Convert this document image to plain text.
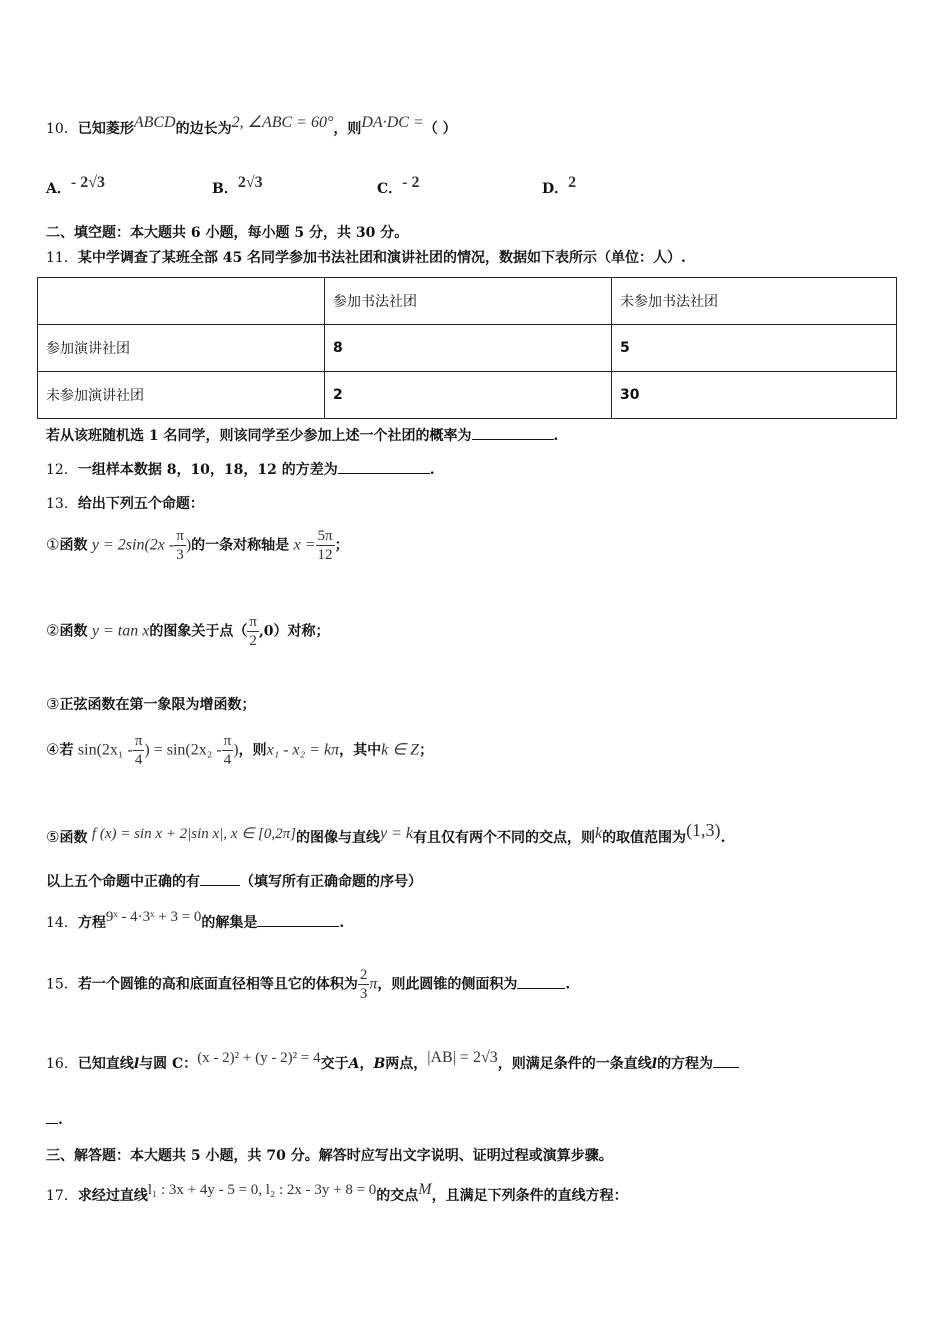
10．已知菱形ABCD的边长为2, ∠ABC = 60°，则DA·DC =（ ）
A．- 2√3	B．2√3	C．- 2	D．2
二、填空题：本大题共 6 小题，每小题 5 分，共 30 分。
11．某中学调查了某班全部 45 名同学参加书法社团和演讲社团的情况，数据如下表所示（单位：人）.
	参加书法社团	未参加书法社团
参加演讲社团	8	5
未参加演讲社团	2	30
若从该班随机选 1 名同学，则该同学至少参加上述一个社团的概率为	.
12．一组样本数据 8，10，18，12 的方差为	.
13．给出下列五个命题：
①函数 $y = 2\sin(2x - \frac{\pi}{3}$ )的一条对称轴是 $x = \frac{5\pi}{12}$ ；
②函数 y = tan x的图象关于点（ $\frac{\pi}{2} ,0$）对称；
③正弦函数在第一象限为增函数；
④若 $\sin(2x_1 - \frac{\pi}{4}$ ) = $\sin(2x_2 - \frac{\pi}{4}$ )，则x₁ - x₂ = kπ，其中k ∈ Z；
⑤函数 f (x) = sin x + 2|sin x|, x ∈ [0,2π]的图像与直线y = k有且仅有两个不同的交点，则k的取值范围为(1,3).
以上五个命题中正确的有	（填写所有正确命题的序号）
14．方程9ˣ - 4·3ˣ + 3 = 0的解集是	.
15．若一个圆锥的高和底面直径相等且它的体积为 $\frac{2}{3}$ π，则此圆锥的侧面积为	.
16．已知直线l与圆 C：(x - 2)² + (y - 2)² = 4交于A，B两点，|AB| = 2√3，则满足条件的一条直线l的方程为
.
三、解答题：本大题共 5 小题，共 70 分。解答时应写出文字说明、证明过程或演算步骤。
17．求经过直线l₁ : 3x + 4y - 5 = 0, l₂ : 2x - 3y + 8 = 0的交点M，且满足下列条件的直线方程：
